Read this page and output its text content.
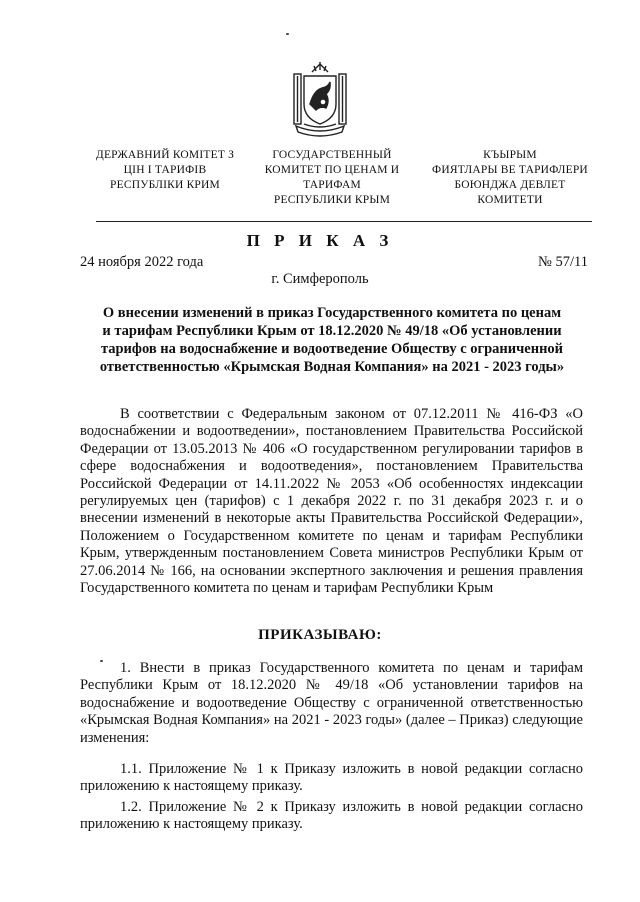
ДЕРЖАВНИЙ КОМІТЕТ З
ЦІН І ТАРИФІВ
РЕСПУБЛІКИ КРИМ
ГОСУДАРСТВЕННЫЙ
КОМИТЕТ ПО ЦЕНАМ И
ТАРИФАМ
РЕСПУБЛИКИ КРЫМ
КЪЫРЫМ
ФИЯТЛАРЫ ВЕ ТАРИФЛЕРИ
БОЮНДЖА ДЕВЛЕТ
КОМИТЕТИ
П Р И К А З
24 ноября 2022 года	№ 57/11
г. Симферополь
О внесении изменений в приказ Государственного комитета по ценам
и тарифам Республики Крым от 18.12.2020 № 49/18 «Об установлении
тарифов на водоснабжение и водоотведение Обществу с ограниченной
ответственностью «Крымская Водная Компания» на 2021 - 2023 годы»

В соответствии с Федеральным законом от 07.12.2011 № 416-ФЗ «О водоснабжении и водоотведении», постановлением Правительства Российской Федерации от 13.05.2013 № 406 «О государственном регулировании тарифов в сфере водоснабжения и водоотведения», постановлением Правительства Российской Федерации от 14.11.2022 № 2053 «Об особенностях индексации регулируемых цен (тарифов) с 1 декабря 2022 г. по 31 декабря 2023 г. и о внесении изменений в некоторые акты Правительства Российской Федерации», Положением о Государственном комитете по ценам и тарифам Республики Крым, утвержденным постановлением Совета министров Республики Крым от 27.06.2014 № 166, на основании экспертного заключения и решения правления Государственного комитета по ценам и тарифам Республики Крым

ПРИКАЗЫВАЮ:

1. Внести в приказ Государственного комитета по ценам и тарифам Республики Крым от 18.12.2020 № 49/18 «Об установлении тарифов на водоснабжение и водоотведение Обществу с ограниченной ответственностью «Крымская Водная Компания» на 2021 - 2023 годы» (далее – Приказ) следующие изменения:

1.1. Приложение № 1 к Приказу изложить в новой редакции согласно приложению к настоящему приказу.

1.2. Приложение № 2 к Приказу изложить в новой редакции согласно приложению к настоящему приказу.
